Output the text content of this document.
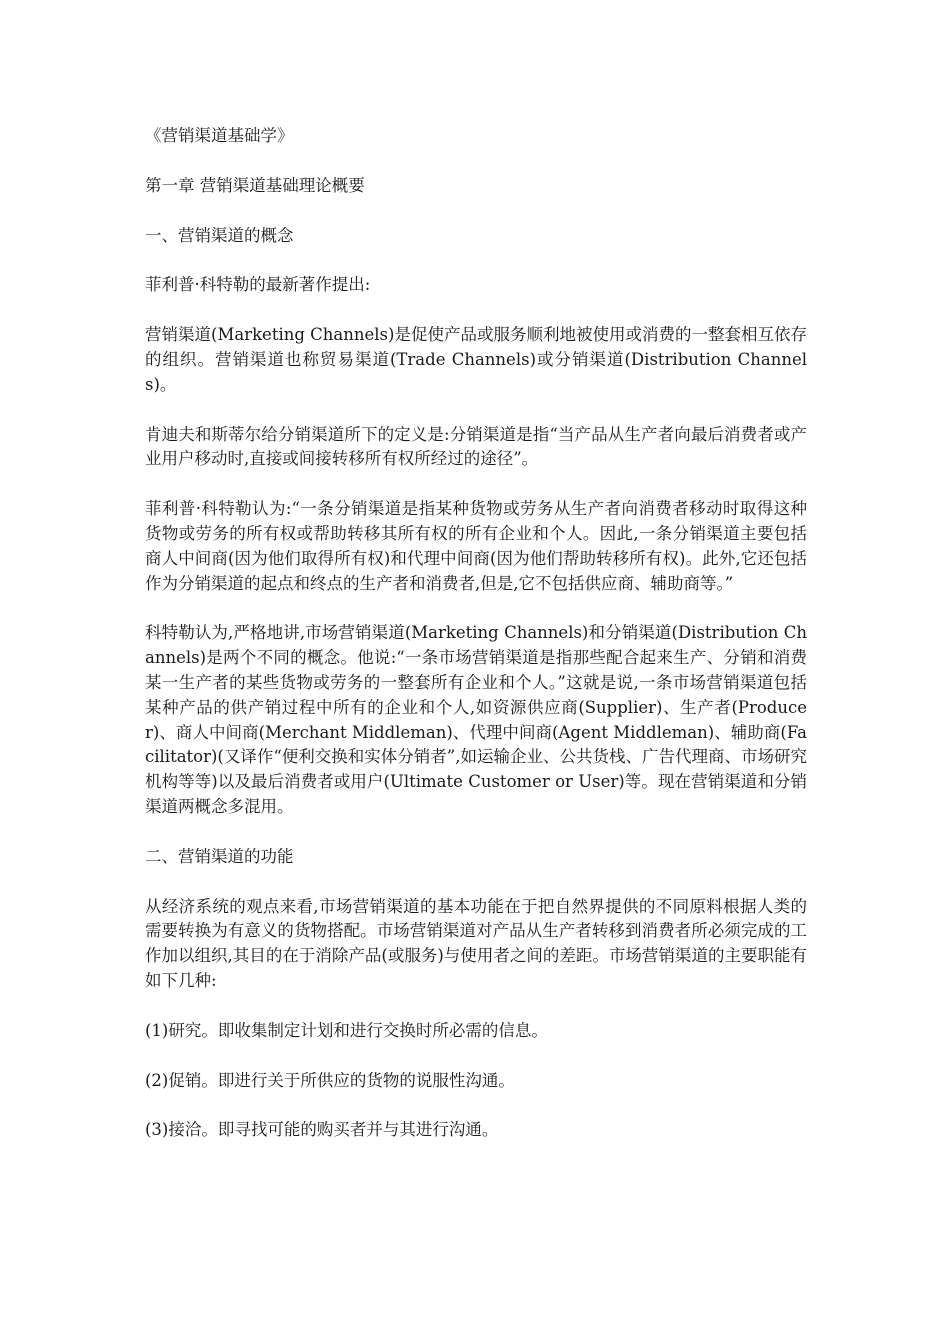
《营销渠道基础学》

第一章 营销渠道基础理论概要

一、营销渠道的概念

菲利普·科特勒的最新著作提出:

营销渠道(Marketing Channels)是促使产品或服务顺利地被使用或消费的一整套相互依存的组织。营销渠道也称贸易渠道(Trade Channels)或分销渠道(Distribution Channels)。

肯迪夫和斯蒂尔给分销渠道所下的定义是:分销渠道是指“当产品从生产者向最后消费者或产业用户移动时,直接或间接转移所有权所经过的途径”。

菲利普·科特勒认为:“一条分销渠道是指某种货物或劳务从生产者向消费者移动时取得这种货物或劳务的所有权或帮助转移其所有权的所有企业和个人。因此,一条分销渠道主要包括商人中间商(因为他们取得所有权)和代理中间商(因为他们帮助转移所有权)。此外,它还包括作为分销渠道的起点和终点的生产者和消费者,但是,它不包括供应商、辅助商等。”

科特勒认为,严格地讲,市场营销渠道(Marketing Channels)和分销渠道(Distribution Channels)是两个不同的概念。他说:“一条市场营销渠道是指那些配合起来生产、分销和消费某一生产者的某些货物或劳务的一整套所有企业和个人。”这就是说,一条市场营销渠道包括某种产品的供产销过程中所有的企业和个人,如资源供应商(Supplier)、生产者(Producer)、商人中间商(Merchant Middleman)、代理中间商(Agent Middleman)、辅助商(Facilitator)(又译作“便利交换和实体分销者”,如运输企业、公共货栈、广告代理商、市场研究机构等等)以及最后消费者或用户(Ultimate Customer or User)等。现在营销渠道和分销渠道两概念多混用。

二、营销渠道的功能

从经济系统的观点来看,市场营销渠道的基本功能在于把自然界提供的不同原料根据人类的需要转换为有意义的货物搭配。市场营销渠道对产品从生产者转移到消费者所必须完成的工作加以组织,其目的在于消除产品(或服务)与使用者之间的差距。市场营销渠道的主要职能有如下几种:

(1)研究。即收集制定计划和进行交换时所必需的信息。

(2)促销。即进行关于所供应的货物的说服性沟通。

(3)接洽。即寻找可能的购买者并与其进行沟通。
